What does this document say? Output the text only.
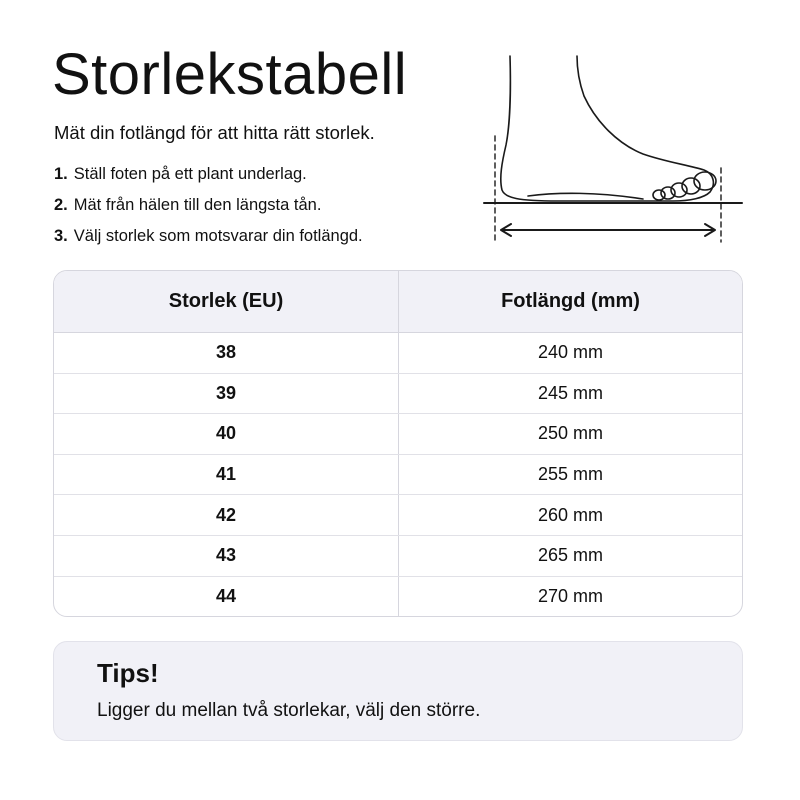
Storlekstabell

Mät din fotlängd för att hitta rätt storlek.

1. Ställ foten på ett plant underlag.
2. Mät från hälen till den längsta tån.
3. Välj storlek som motsvarar din fotlängd.
Storlek (EU)	Fotlängd (mm)
38	240 mm
39	245 mm
40	250 mm
41	255 mm
42	260 mm
43	265 mm
44	270 mm
Tips!
Ligger du mellan två storlekar, välj den större.
